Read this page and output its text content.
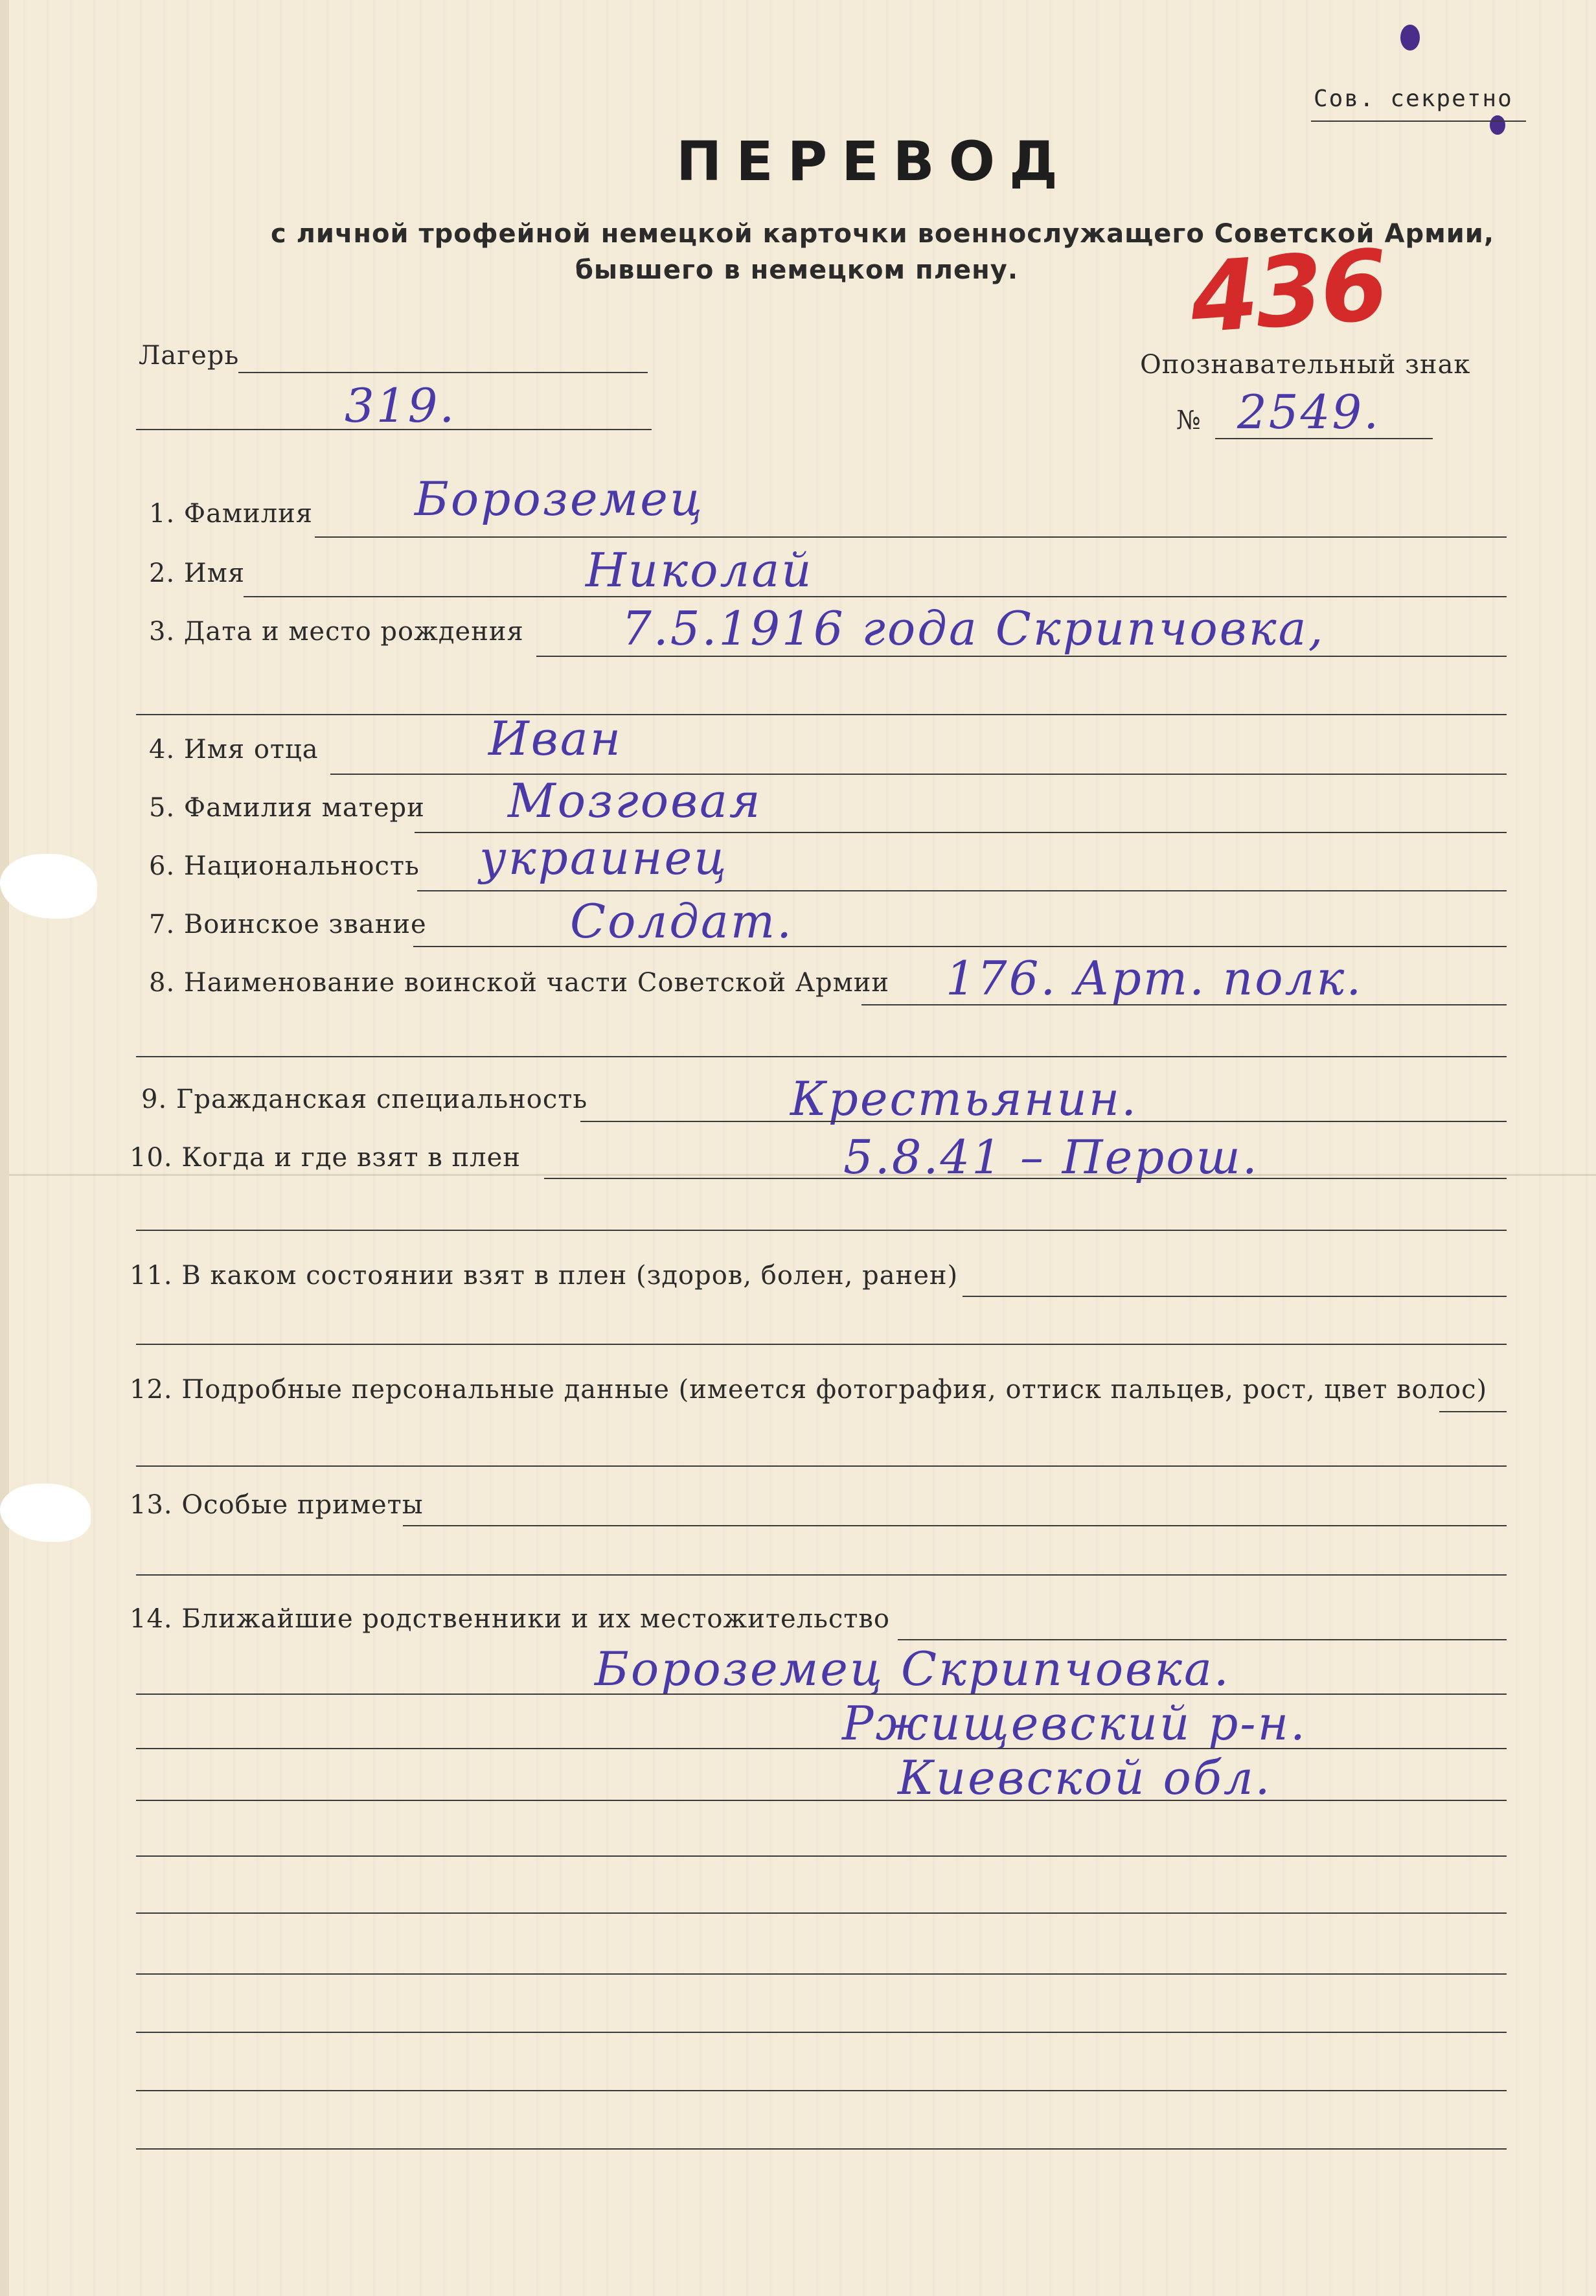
Сов. секретно
ПЕРЕВОД
с личной трофейной немецкой карточки военнослужащего Советской Армии,
бывшего в немецком плену. 436
Лагерь
319.
Опознавательный знак
№ 2549.
1. Фамилия Бороземец
2. Имя	Николай
3. Дата и место рождения 7.5.1916 года Скрипчовка,
4. Имя отца	Иван
5. Фамилия матери Мозговая
6. Национальность украинец
7. Воинское звание	Солдат.
8. Наименование воинской части Советской Армии 176. Арт. полк.
9. Гражданская специальность	Крестьянин.
10. Когда и где взят в плен	5.8.41 – Перош.
11. В каком состоянии взят в плен (здоров, болен, ранен)
12. Подробные персональные данные (имеется фотография, оттиск пальцев, рост, цвет волос)
13. Особые приметы
14. Ближайшие родственники и их местожительство
Бороземец Скрипчовка.
Ржищевский р-н.
Киевской обл.
